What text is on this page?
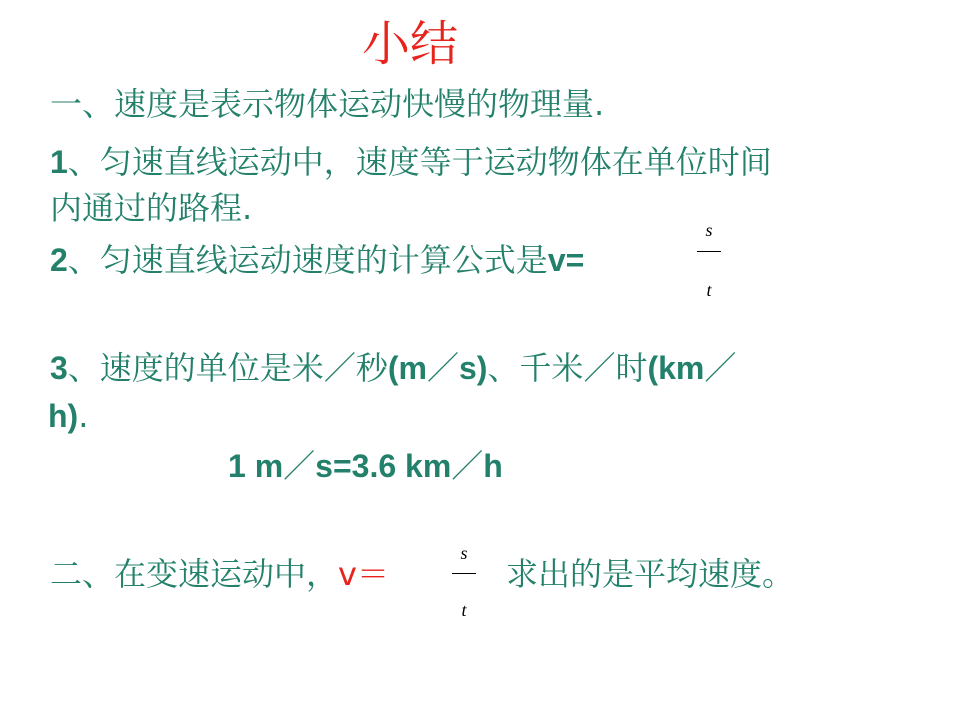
小结
一、速度是表示物体运动快慢的物理量.
1、匀速直线运动中，速度等于运动物体在单位时间
内通过的路程.
2、匀速直线运动速度的计算公式是v=
s
t
3、速度的单位是米／秒(m／s)、千米／时(km／
h).
1 m／s=3.6 km／h
二、在变速运动中，v＝
s
t
求出的是平均速度。
